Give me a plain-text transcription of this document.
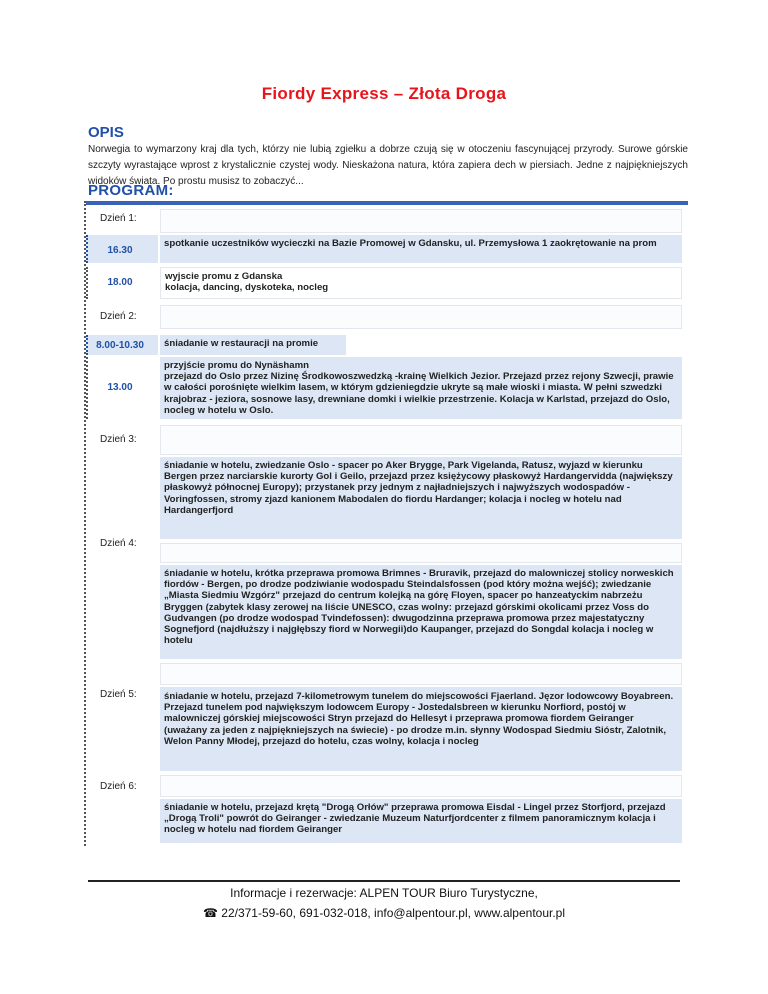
Fiordy Express – Złota Droga
OPIS
Norwegia to wymarzony kraj dla tych, którzy nie lubią zgiełku a dobrze czują się w otoczeniu fascynującej przyrody. Surowe górskie szczyty wyrastające wprost z krystalicznie czystej wody. Nieskażona natura, która zapiera dech w piersiach. Jedne z najpiękniejszych widoków świata. Po prostu musisz to zobaczyć...
PROGRAM:
Dzień 1:
16.30
spotkanie uczestników wycieczki na Bazie Promowej w Gdansku, ul. Przemysłowa 1 zaokrętowanie na prom
18.00
wyjscie promu z Gdanska
kolacja, dancing, dyskoteka, nocleg
Dzień 2:
8.00-10.30	śniadanie w restauracji na promie
13.00
przyjście promu do Nynäshamn
przejazd do Oslo przez Nizinę Środkowoszwedzką -krainę Wielkich Jezior. Przejazd przez rejony Szwecji, prawie w całości porośnięte wielkim lasem, w którym gdzieniegdzie ukryte są małe wioski i miasta. W pełni szwedzki krajobraz - jeziora, sosnowe lasy, drewniane domki i wielkie przestrzenie. Kolacja w Karlstad, przejazd do Oslo, nocleg w hotelu w Oslo.
Dzień 3:
śniadanie w hotelu, zwiedzanie Oslo - spacer po Aker Brygge, Park Vigelanda, Ratusz, wyjazd w kierunku Bergen przez narciarskie kurorty Gol i Geilo, przejazd przez księżycowy płaskowyż Hardangervidda (największy płaskowyż północnej Europy); przystanek przy jednym z najładniejszych i najwyższych wodospadów - Voringfossen, stromy zjazd kanionem Mabodalen do fiordu Hardanger; kolacja i nocleg w hotelu nad Hardangerfjord
Dzień 4:
śniadanie w hotelu, krótka przeprawa promowa Brimnes - Bruravik, przejazd do malowniczej stolicy norweskich fiordów - Bergen, po drodze podziwianie wodospadu Steindalsfossen (pod który można wejść); zwiedzanie „Miasta Siedmiu Wzgórz" przejazd do centrum kolejką na górę Floyen, spacer po hanzeatyckim nabrzeżu Bryggen (zabytek klasy zerowej na liście UNESCO, czas wolny: przejazd górskimi okolicami przez Voss do Gudvangen (po drodze wodospad Tvindefossen): dwugodzinna przeprawa promowa przez majestatyczny Sognefjord (najdłuższy i najgłębszy fiord w Norwegii)do Kaupanger, przejazd do Songdal kolacja i nocleg w hotelu
Dzień 5:	śniadanie w hotelu, przejazd 7-kilometrowym tunelem do miejscowości Fjaerland. Jęzor lodowcowy Boyabreen. Przejazd tunelem pod największym lodowcem Europy - Jostedalsbreen w kierunku Norfiord, postój w malowniczej górskiej miejscowości Stryn przejazd do Hellesyt i przeprawa promowa fiordem Geiranger (uważany za jeden z najpiękniejszych na świecie) - po drodze m.in. słynny Wodospad Siedmiu Sióstr, Zalotnik, Welon Panny Młodej, przejazd do hotelu, czas wolny, kolacja i nocleg
Dzień 6:
śniadanie w hotelu, przejazd krętą "Drogą Orłów" przeprawa promowa Eisdal - Lingel przez Storfjord, przejazd „Drogą Troli" powrót do Geiranger - zwiedzanie Muzeum Naturfjordcenter z filmem panoramicznym kolacja i nocleg w hotelu nad fiordem Geiranger
Informacje i rezerwacje: ALPEN TOUR Biuro Turystyczne,
☎ 22/371-59-60, 691-032-018, info@alpentour.pl, www.alpentour.pl
